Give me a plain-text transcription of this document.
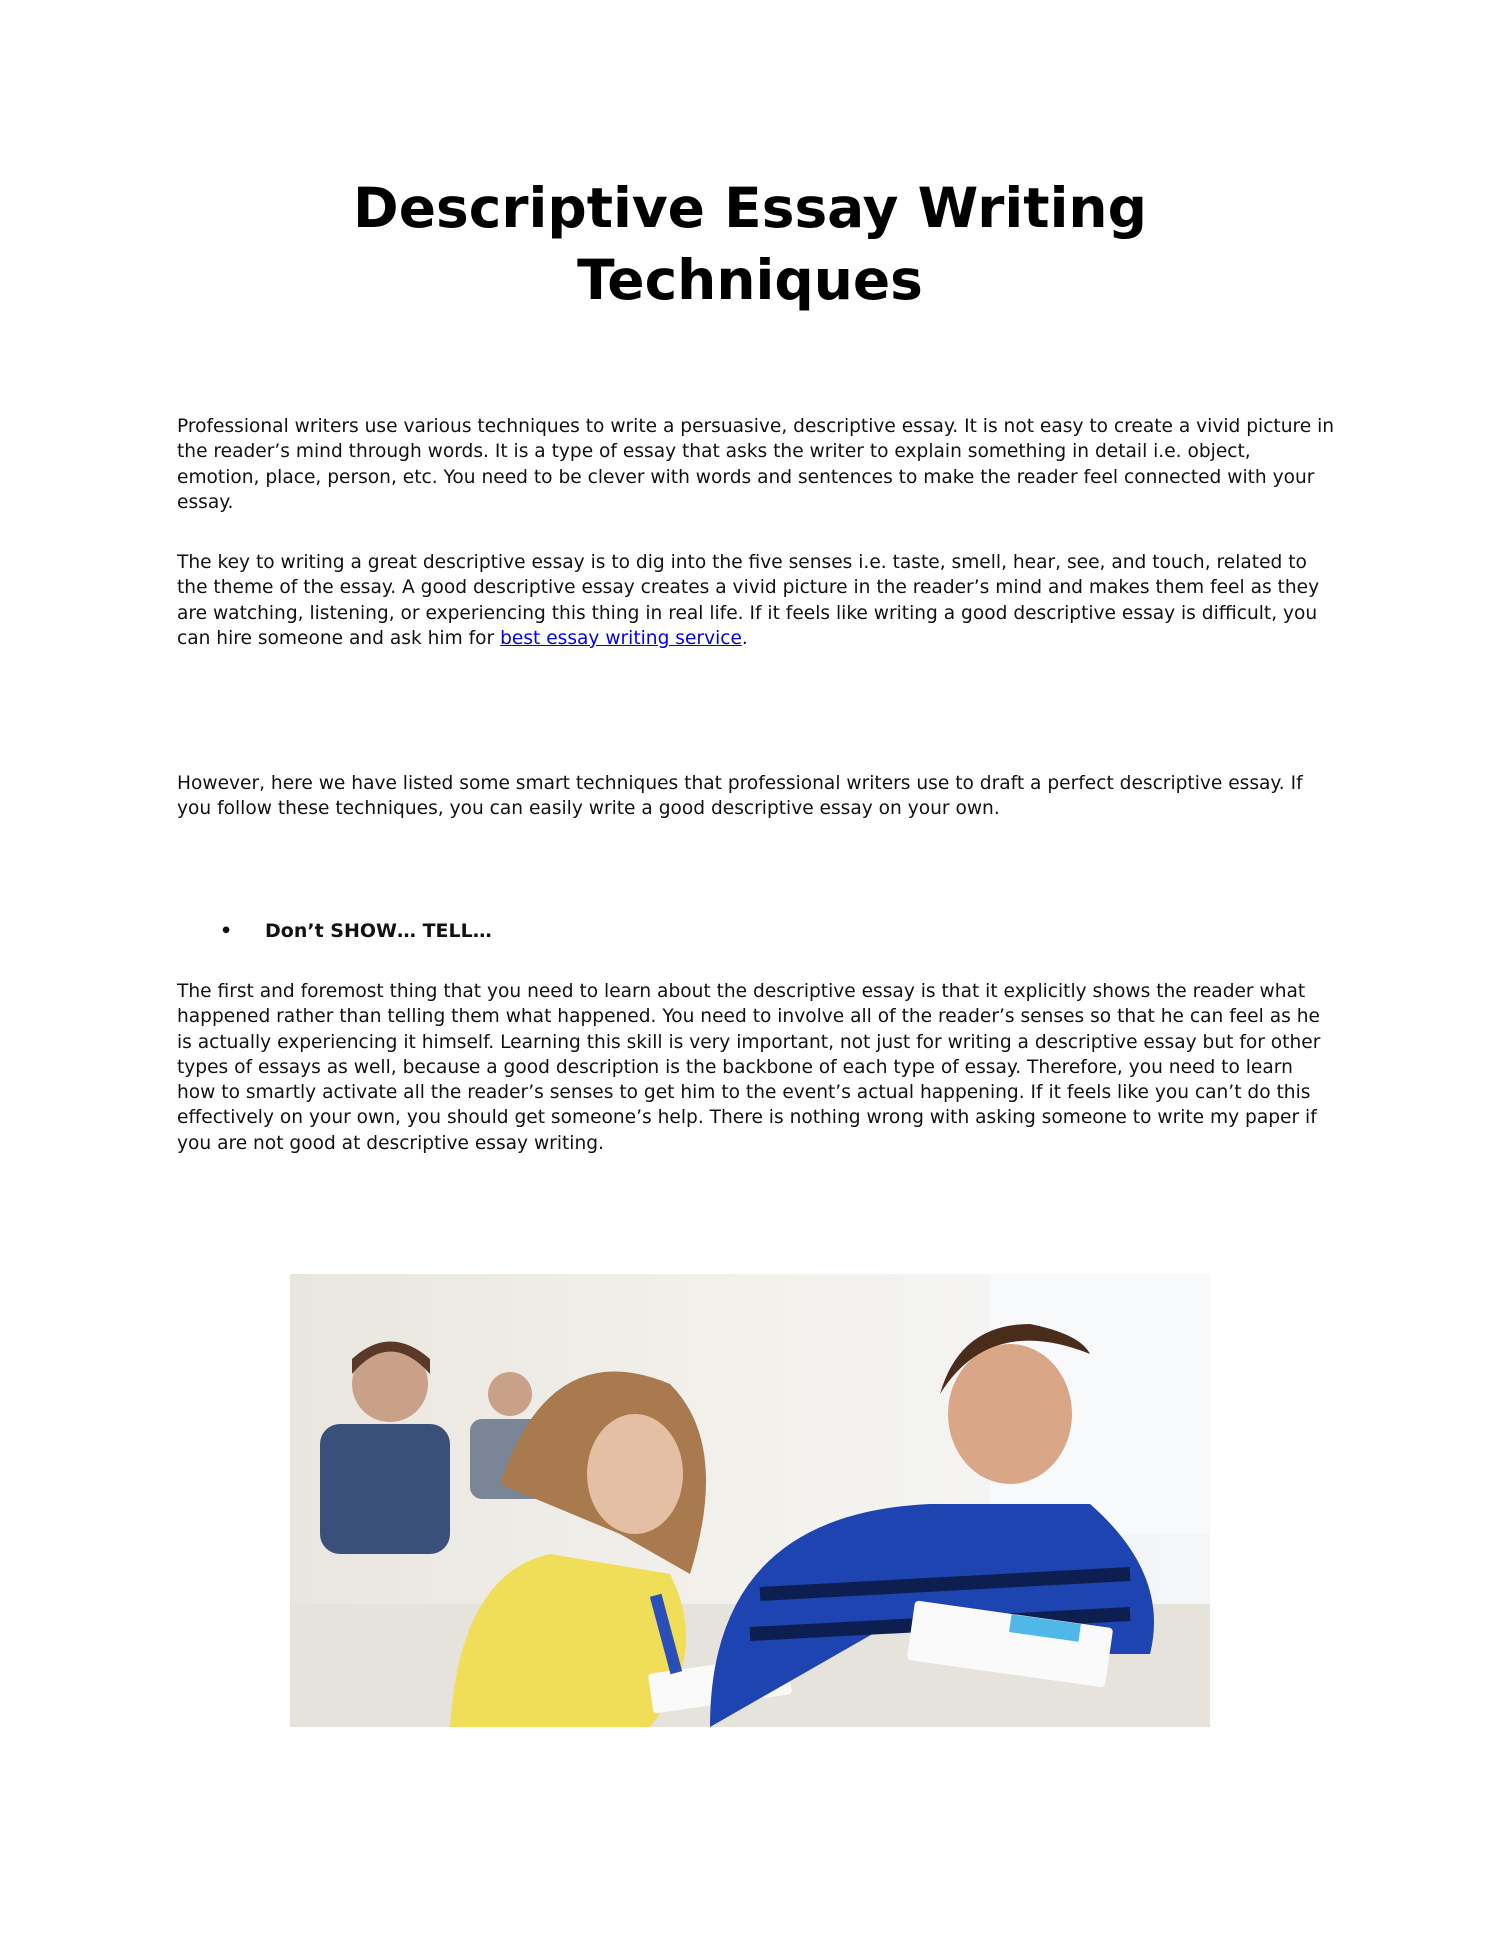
Descriptive Essay Writing
Techniques

Professional writers use various techniques to write a persuasive, descriptive essay. It is not easy to create a vivid picture in the reader’s mind through words. It is a type of essay that asks the writer to explain something in detail i.e. object, emotion, place, person, etc. You need to be clever with words and sentences to make the reader feel connected with your essay.

The key to writing a great descriptive essay is to dig into the five senses i.e. taste, smell, hear, see, and touch, related to the theme of the essay. A good descriptive essay creates a vivid picture in the reader’s mind and makes them feel as they are watching, listening, or experiencing this thing in real life. If it feels like writing a good descriptive essay is difficult, you can hire someone and ask him for best essay writing service.

However, here we have listed some smart techniques that professional writers use to draft a perfect descriptive essay. If you follow these techniques, you can easily write a good descriptive essay on your own.

• Don’t SHOW… TELL…

The first and foremost thing that you need to learn about the descriptive essay is that it explicitly shows the reader what happened rather than telling them what happened. You need to involve all of the reader’s senses so that he can feel as he is actually experiencing it himself. Learning this skill is very important, not just for writing a descriptive essay but for other types of essays as well, because a good description is the backbone of each type of essay. Therefore, you need to learn how to smartly activate all the reader’s senses to get him to the event’s actual happening. If it feels like you can’t do this effectively on your own, you should get someone’s help. There is nothing wrong with asking someone to write my paper if you are not good at descriptive essay writing.
